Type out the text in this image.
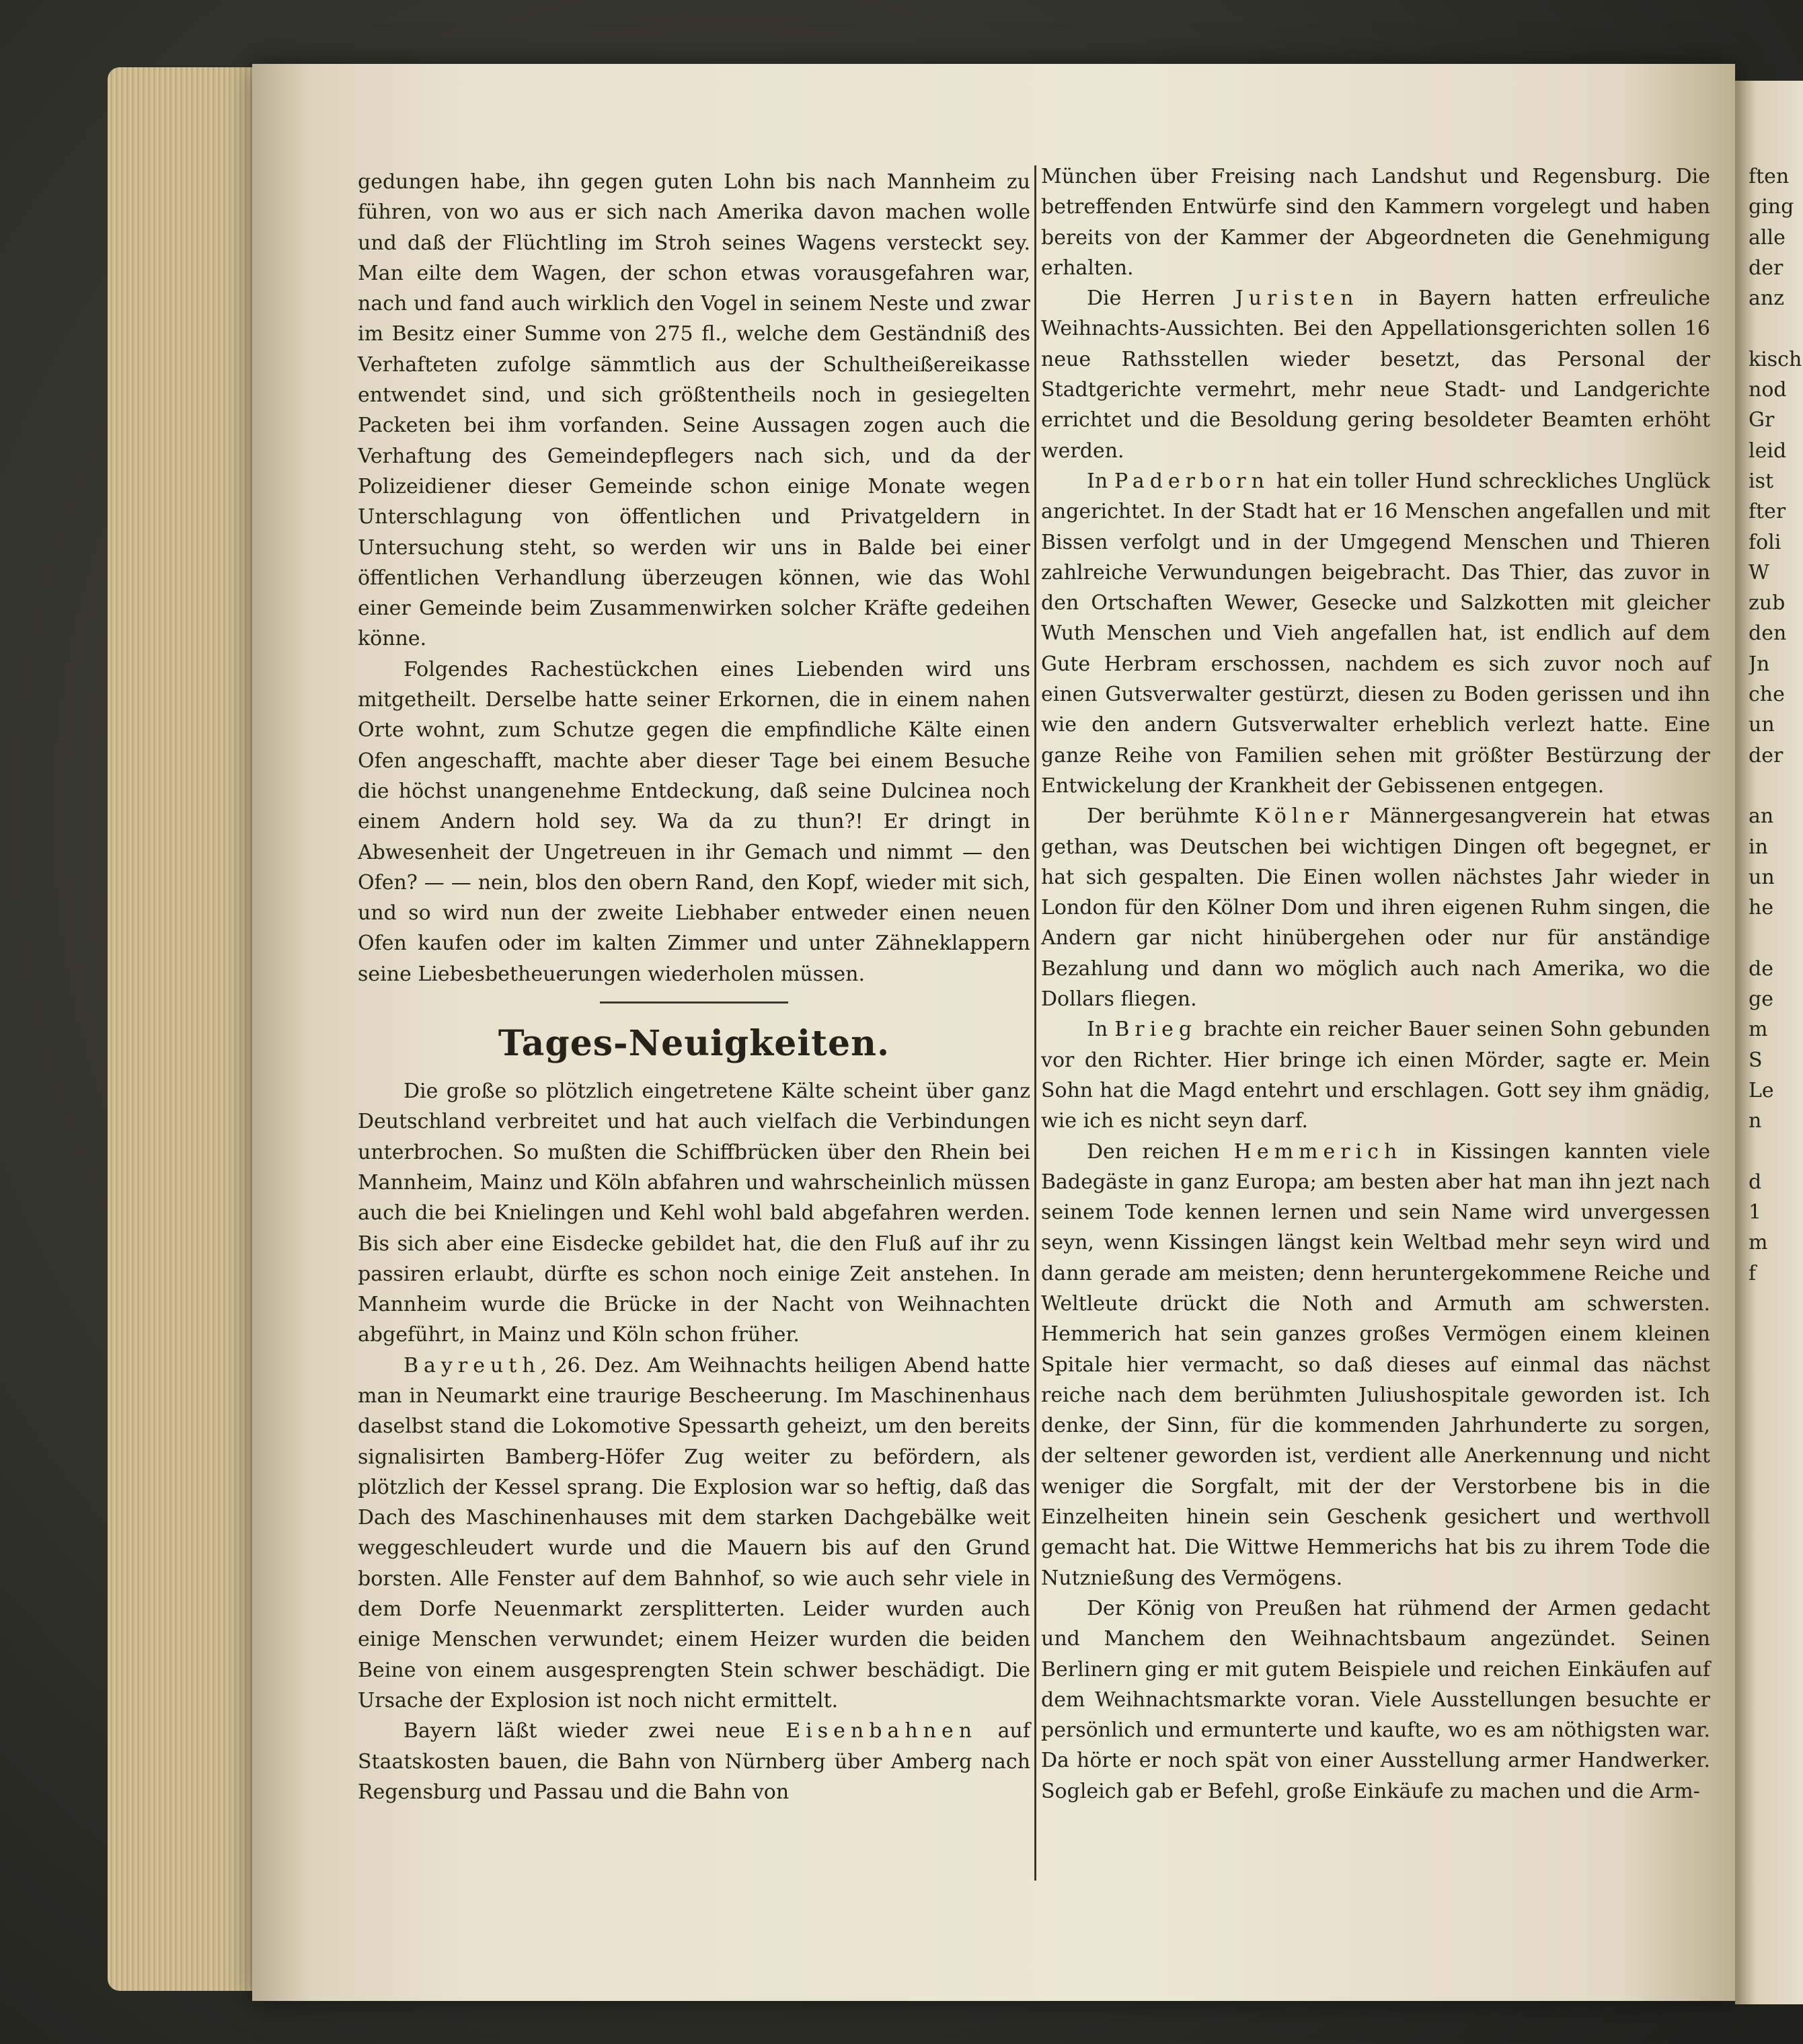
ften
ging
alle
der
anz

kisch
nod
Gr
leid
ist
fter
foli
W
zub
den
Jn
che
un
der

an
in
un
he

de
ge
m
S
Le
n

d
1
m
f

gedungen habe, ihn gegen guten Lohn bis nach Mannheim zu führen, von wo aus er sich nach Amerika davon machen wolle und daß der Flüchtling im Stroh seines Wagens versteckt sey. Man eilte dem Wagen, der schon etwas vorausgefahren war, nach und fand auch wirklich den Vogel in seinem Neste und zwar im Besitz einer Summe von 275 fl., welche dem Geständniß des Verhafteten zufolge sämmtlich aus der Schultheißereikasse entwendet sind, und sich größtentheils noch in gesiegelten Packeten bei ihm vorfanden. Seine Aussagen zogen auch die Verhaftung des Gemeindepflegers nach sich, und da der Polizeidiener dieser Gemeinde schon einige Monate wegen Unterschlagung von öffentlichen und Privatgeldern in Untersuchung steht, so werden wir uns in Balde bei einer öffentlichen Verhandlung überzeugen können, wie das Wohl einer Gemeinde beim Zusammenwirken solcher Kräfte gedeihen könne.

Folgendes Rachestückchen eines Liebenden wird uns mitgetheilt. Derselbe hatte seiner Erkornen, die in einem nahen Orte wohnt, zum Schutze gegen die empfindliche Kälte einen Ofen angeschafft, machte aber dieser Tage bei einem Besuche die höchst unangenehme Entdeckung, daß seine Dulcinea noch einem Andern hold sey. Wa da zu thun?! Er dringt in Abwesenheit der Ungetreuen in ihr Gemach und nimmt — den Ofen? — — nein, blos den obern Rand, den Kopf, wieder mit sich, und so wird nun der zweite Liebhaber entweder einen neuen Ofen kaufen oder im kalten Zimmer und unter Zähneklappern seine Liebesbetheuerungen wiederholen müssen.

Tages-Neuigkeiten.

Die große so plötzlich eingetretene Kälte scheint über ganz Deutschland verbreitet und hat auch vielfach die Verbindungen unterbrochen. So mußten die Schiffbrücken über den Rhein bei Mannheim, Mainz und Köln abfahren und wahrscheinlich müssen auch die bei Knielingen und Kehl wohl bald abgefahren werden. Bis sich aber eine Eisdecke gebildet hat, die den Fluß auf ihr zu passiren erlaubt, dürfte es schon noch einige Zeit anstehen. In Mannheim wurde die Brücke in der Nacht von Weihnachten abgeführt, in Mainz und Köln schon früher.

Bayreuth, 26. Dez. Am Weihnachts heiligen Abend hatte man in Neumarkt eine traurige Bescheerung. Im Maschinenhaus daselbst stand die Lokomotive Spessarth geheizt, um den bereits signalisirten Bamberg-Höfer Zug weiter zu befördern, als plötzlich der Kessel sprang. Die Explosion war so heftig, daß das Dach des Maschinenhauses mit dem starken Dachgebälke weit weggeschleudert wurde und die Mauern bis auf den Grund borsten. Alle Fenster auf dem Bahnhof, so wie auch sehr viele in dem Dorfe Neuenmarkt zersplitterten. Leider wurden auch einige Menschen verwundet; einem Heizer wurden die beiden Beine von einem ausgesprengten Stein schwer beschädigt. Die Ursache der Explosion ist noch nicht ermittelt.

Bayern läßt wieder zwei neue Eisenbahnen auf Staatskosten bauen, die Bahn von Nürnberg über Amberg nach Regensburg und Passau und die Bahn von

München über Freising nach Landshut und Regensburg. Die betreffenden Entwürfe sind den Kammern vorgelegt und haben bereits von der Kammer der Abgeordneten die Genehmigung erhalten.

Die Herren Juristen in Bayern hatten erfreuliche Weihnachts-Aussichten. Bei den Appellationsgerichten sollen 16 neue Rathsstellen wieder besetzt, das Personal der Stadtgerichte vermehrt, mehr neue Stadt- und Landgerichte errichtet und die Besoldung gering besoldeter Beamten erhöht werden.

In Paderborn hat ein toller Hund schreckliches Unglück angerichtet. In der Stadt hat er 16 Menschen angefallen und mit Bissen verfolgt und in der Umgegend Menschen und Thieren zahlreiche Verwundungen beigebracht. Das Thier, das zuvor in den Ortschaften Wewer, Gesecke und Salzkotten mit gleicher Wuth Menschen und Vieh angefallen hat, ist endlich auf dem Gute Herbram erschossen, nachdem es sich zuvor noch auf einen Gutsverwalter gestürzt, diesen zu Boden gerissen und ihn wie den andern Gutsverwalter erheblich verlezt hatte. Eine ganze Reihe von Familien sehen mit größter Bestürzung der Entwickelung der Krankheit der Gebissenen entgegen.

Der berühmte Kölner Männergesangverein hat etwas gethan, was Deutschen bei wichtigen Dingen oft begegnet, er hat sich gespalten. Die Einen wollen nächstes Jahr wieder in London für den Kölner Dom und ihren eigenen Ruhm singen, die Andern gar nicht hinübergehen oder nur für anständige Bezahlung und dann wo möglich auch nach Amerika, wo die Dollars fliegen.

In Brieg brachte ein reicher Bauer seinen Sohn gebunden vor den Richter. Hier bringe ich einen Mörder, sagte er. Mein Sohn hat die Magd entehrt und erschlagen. Gott sey ihm gnädig, wie ich es nicht seyn darf.

Den reichen Hemmerich in Kissingen kannten viele Badegäste in ganz Europa; am besten aber hat man ihn jezt nach seinem Tode kennen lernen und sein Name wird unvergessen seyn, wenn Kissingen längst kein Weltbad mehr seyn wird und dann gerade am meisten; denn heruntergekommene Reiche und Weltleute drückt die Noth and Armuth am schwersten. Hemmerich hat sein ganzes großes Vermögen einem kleinen Spitale hier vermacht, so daß dieses auf einmal das nächst reiche nach dem berühmten Juliushospitale geworden ist. Ich denke, der Sinn, für die kommenden Jahrhunderte zu sorgen, der seltener geworden ist, verdient alle Anerkennung und nicht weniger die Sorgfalt, mit der der Verstorbene bis in die Einzelheiten hinein sein Geschenk gesichert und werthvoll gemacht hat. Die Wittwe Hemmerichs hat bis zu ihrem Tode die Nutznießung des Vermögens.

Der König von Preußen hat rühmend der Armen gedacht und Manchem den Weihnachtsbaum angezündet. Seinen Berlinern ging er mit gutem Beispiele und reichen Einkäufen auf dem Weihnachtsmarkte voran. Viele Ausstellungen besuchte er persönlich und ermunterte und kaufte, wo es am nöthigsten war. Da hörte er noch spät von einer Ausstellung armer Handwerker. Sogleich gab er Befehl, große Einkäufe zu machen und die Arm-
